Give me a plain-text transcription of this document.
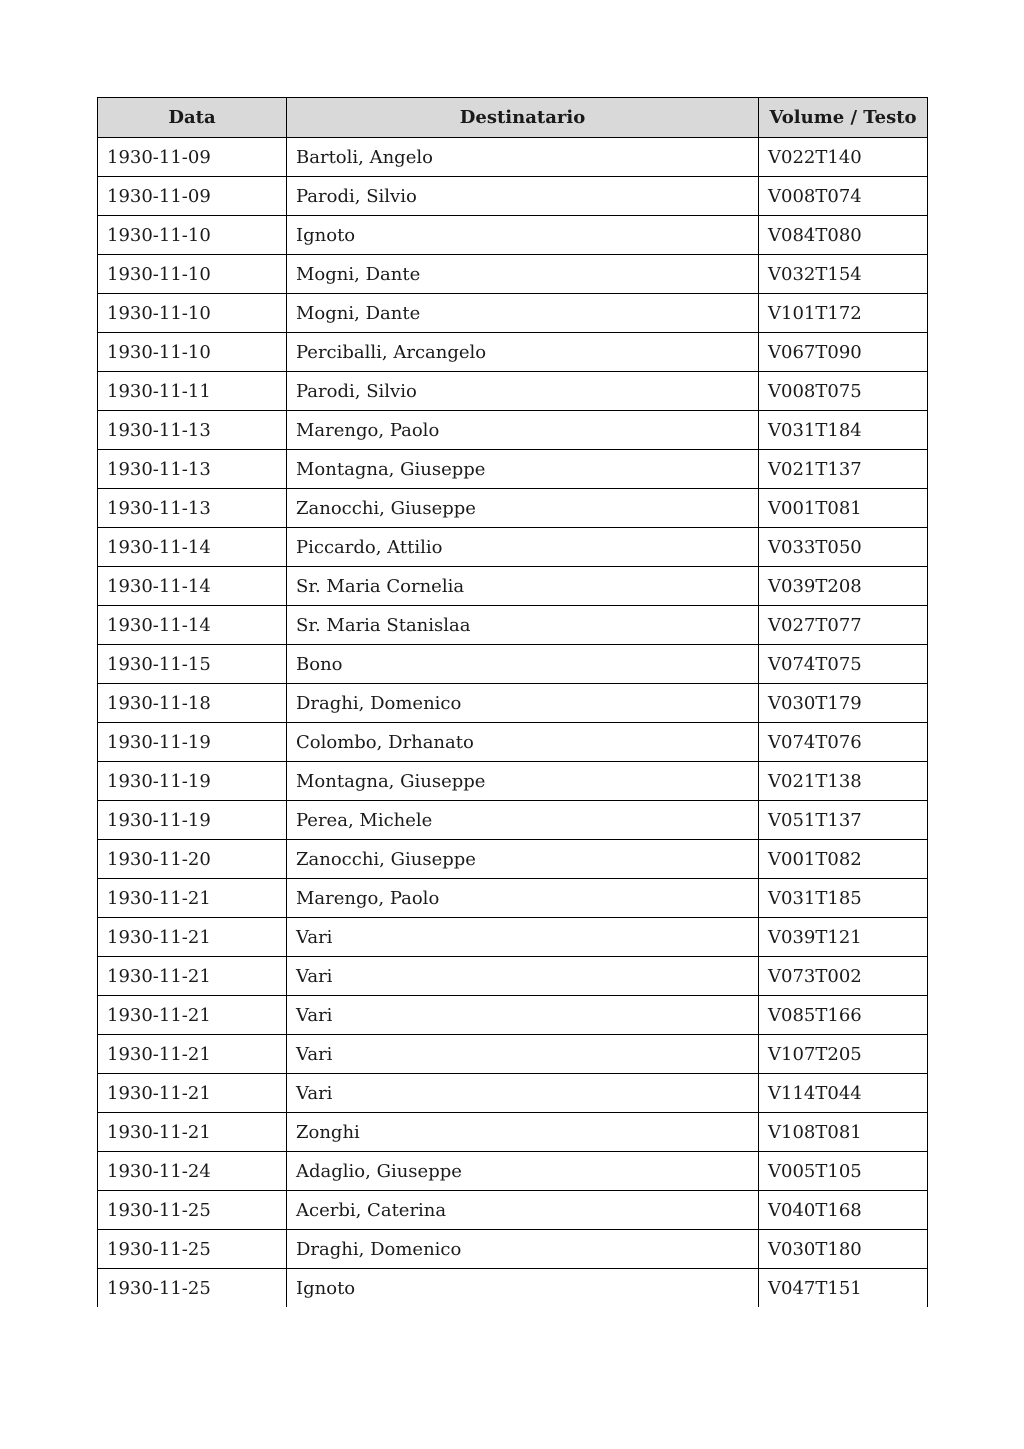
Data	Destinatario	Volume / Testo
1930-11-09	Bartoli, Angelo	V022T140
1930-11-09	Parodi, Silvio	V008T074
1930-11-10	Ignoto	V084T080
1930-11-10	Mogni, Dante	V032T154
1930-11-10	Mogni, Dante	V101T172
1930-11-10	Perciballi, Arcangelo	V067T090
1930-11-11	Parodi, Silvio	V008T075
1930-11-13	Marengo, Paolo	V031T184
1930-11-13	Montagna, Giuseppe	V021T137
1930-11-13	Zanocchi, Giuseppe	V001T081
1930-11-14	Piccardo, Attilio	V033T050
1930-11-14	Sr. Maria Cornelia	V039T208
1930-11-14	Sr. Maria Stanislaa	V027T077
1930-11-15	Bono	V074T075
1930-11-18	Draghi, Domenico	V030T179
1930-11-19	Colombo, Drhanato	V074T076
1930-11-19	Montagna, Giuseppe	V021T138
1930-11-19	Perea, Michele	V051T137
1930-11-20	Zanocchi, Giuseppe	V001T082
1930-11-21	Marengo, Paolo	V031T185
1930-11-21	Vari	V039T121
1930-11-21	Vari	V073T002
1930-11-21	Vari	V085T166
1930-11-21	Vari	V107T205
1930-11-21	Vari	V114T044
1930-11-21	Zonghi	V108T081
1930-11-24	Adaglio, Giuseppe	V005T105
1930-11-25	Acerbi, Caterina	V040T168
1930-11-25	Draghi, Domenico	V030T180
1930-11-25	Ignoto	V047T151
